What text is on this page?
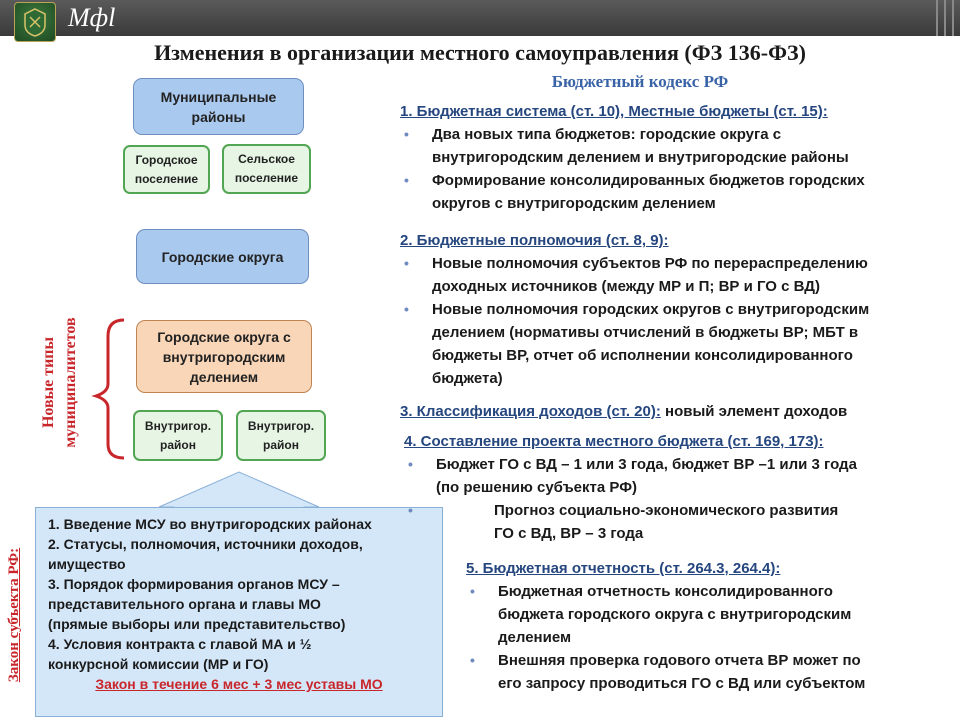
Мфl
Изменения в организации местного самоуправления (ФЗ 136-ФЗ)
Бюджетный кодекс РФ
Муниципальные районы
Городское поселение
Сельское поселение
Городские округа
Городские округа с внутригородским делением
Внутригор. район
Внутригор. район
Новые типы муниципалитетов
Закон субъекта РФ:
1. Введение МСУ во внутригородских районах
2. Статусы, полномочия, источники доходов,
имущество
3. Порядок формирования органов МСУ –
представительного органа и главы МО
(прямые выборы или представительство)
4. Условия контракта с главой МА и ½
конкурсной комиссии (МР и ГО)
Закон в течение 6 мес + 3 мес уставы МО
1. Бюджетная система (ст. 10), Местные бюджеты (ст. 15):
• Два новых типа бюджетов: городские округа с
внутригородским делением и внутригородские районы
• Формирование консолидированных бюджетов городских
округов с внутригородским делением
2. Бюджетные полномочия (ст. 8, 9):
• Новые полномочия субъектов РФ по перераспределению
доходных источников (между МР и П; ВР и ГО с ВД)
• Новые полномочия городских округов с внутригородским
делением (нормативы отчислений в бюджеты ВР; МБТ в
бюджеты ВР, отчет об исполнении консолидированного
бюджета)
3. Классификация доходов (ст. 20): новый элемент доходов
4. Составление проекта местного бюджета (ст. 169, 173):
• Бюджет ГО с ВД – 1 или 3 года, бюджет ВР –1 или 3 года
(по решению субъекта РФ)
• Прогноз социально-экономического развития
ГО с ВД, ВР – 3 года
5. Бюджетная отчетность (ст. 264.3, 264.4):
• Бюджетная отчетность консолидированного
бюджета городского округа с внутригородским
делением
• Внешняя проверка годового отчета ВР может по
его запросу проводиться ГО с ВД или субъектом
